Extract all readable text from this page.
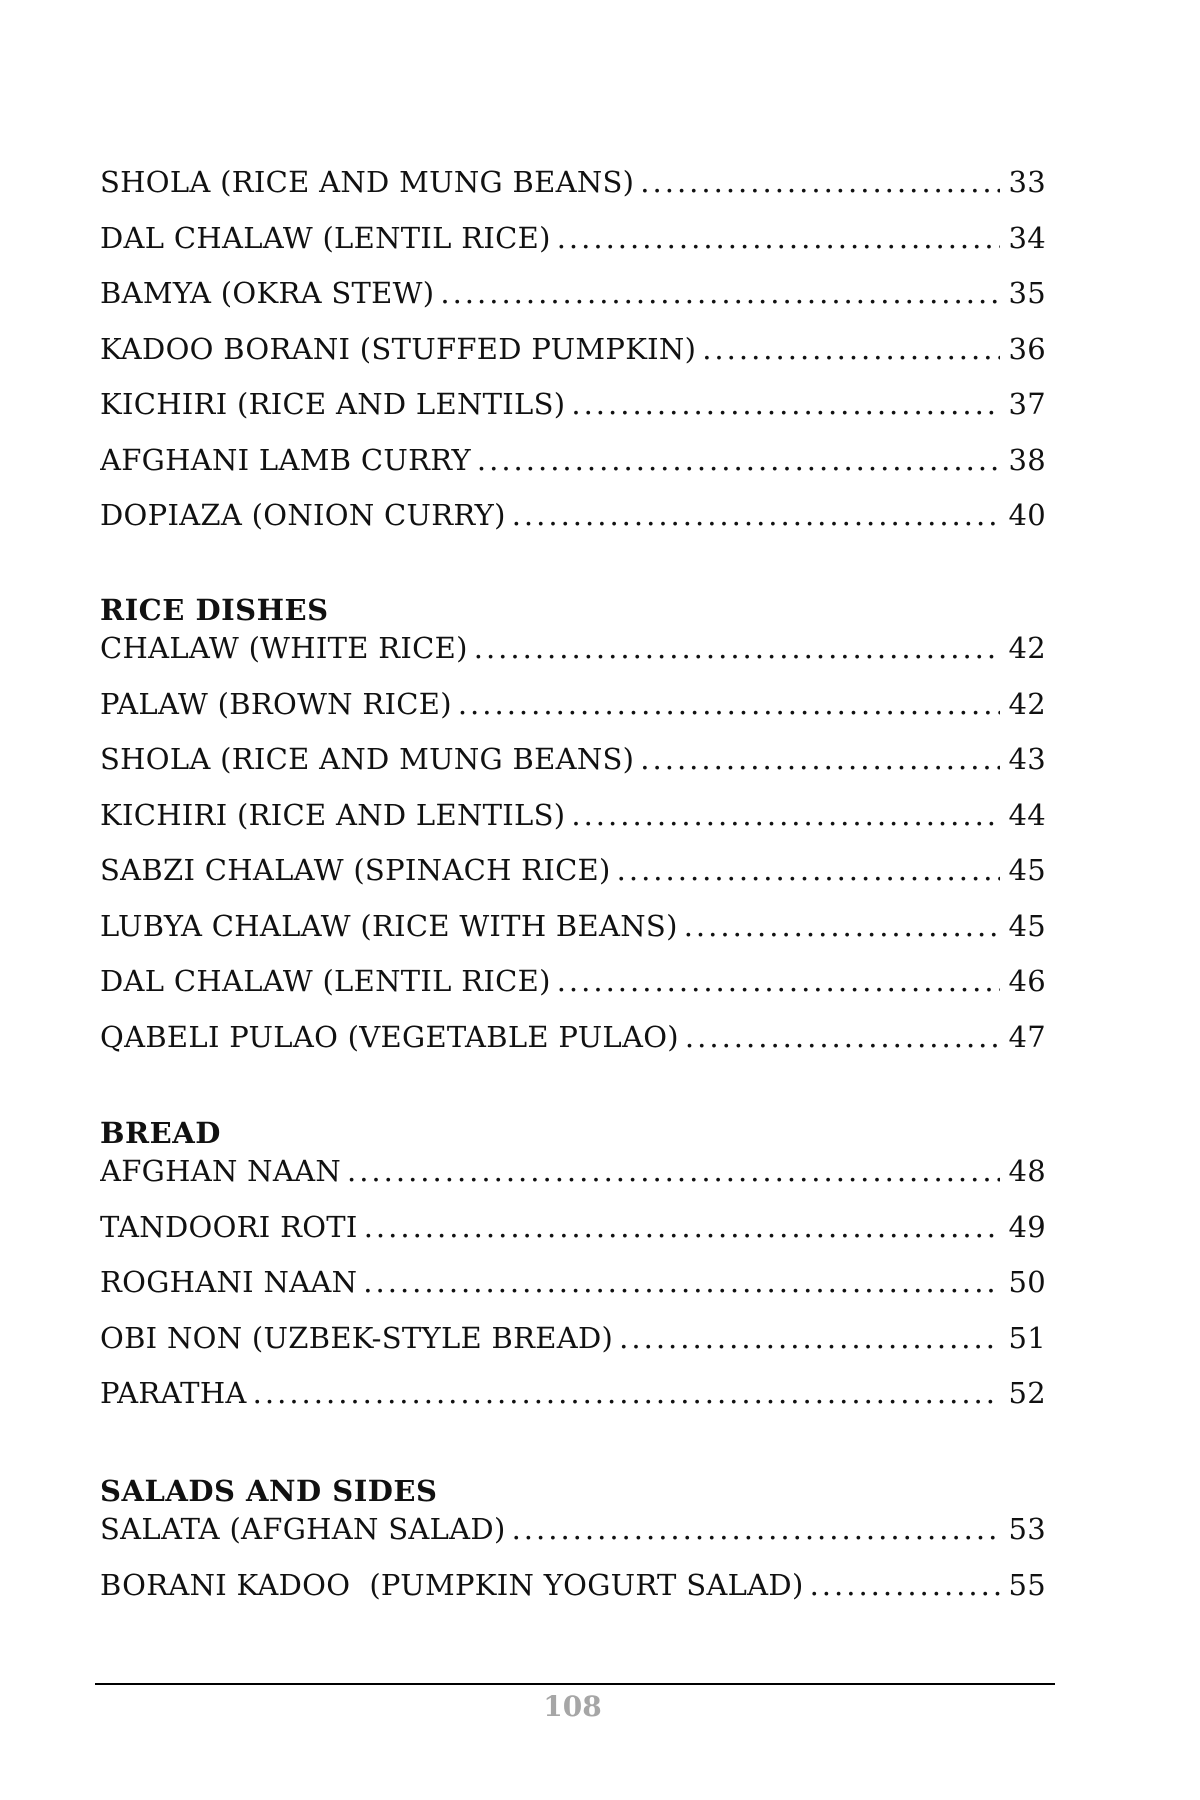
SHOLA (RICE AND MUNG BEANS) .....	33
DAL CHALAW (LENTIL RICE) .....	34
BAMYA (OKRA STEW) .....	35
KADOO BORANI (STUFFED PUMPKIN) .....	36
KICHIRI (RICE AND LENTILS) .....	37
AFGHANI LAMB CURRY .....	38
DOPIAZA (ONION CURRY) .....	40
RICE DISHES
CHALAW (WHITE RICE) .....	42
PALAW (BROWN RICE) .....	42
SHOLA (RICE AND MUNG BEANS) .....	43
KICHIRI (RICE AND LENTILS) .....	44
SABZI CHALAW (SPINACH RICE) .....	45
LUBYA CHALAW (RICE WITH BEANS) .....	45
DAL CHALAW (LENTIL RICE) .....	46
QABELI PULAO (VEGETABLE PULAO) .....	47
BREAD
AFGHAN NAAN .....	48
TANDOORI ROTI .....	49
ROGHANI NAAN .....	50
OBI NON (UZBEK-STYLE BREAD) .....	51
PARATHA .....	52
SALADS AND SIDES
SALATA (AFGHAN SALAD) .....	53
BORANI KADOO  (PUMPKIN YOGURT SALAD) .....	55
108
